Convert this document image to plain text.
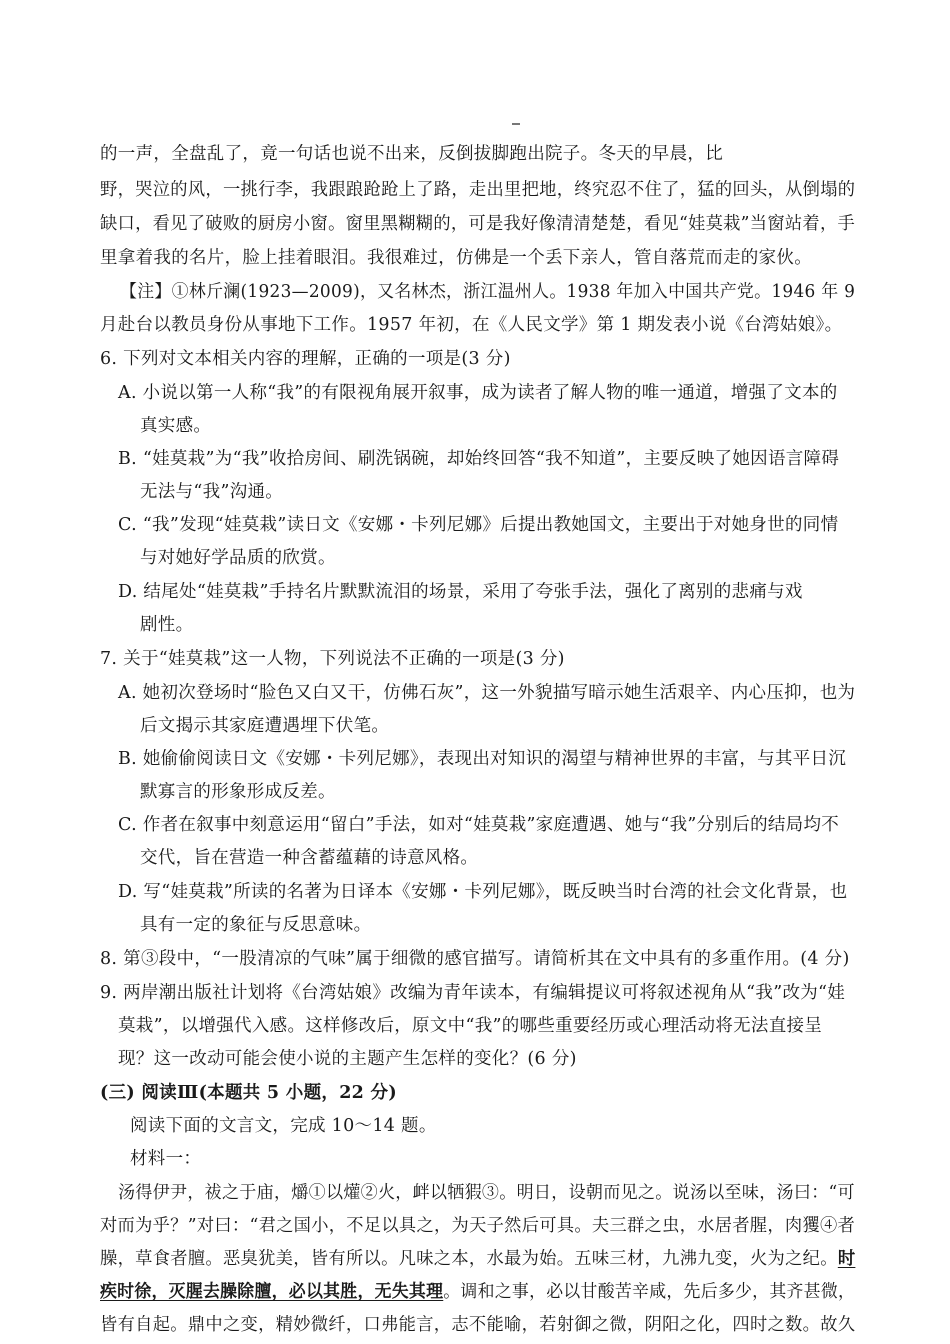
的一声，全盘乱了，竟一句话也说不出来，反倒拔脚跑出院子。冬天的早晨，比
野，哭泣的风，一挑行李，我跟踉跄跄上了路，走出里把地，终究忍不住了，猛的回头，从倒塌的
缺口，看见了破败的厨房小窗。窗里黑糊糊的，可是我好像清清楚楚，看见“娃莫栽”当窗站着，手
里拿着我的名片，脸上挂着眼泪。我很难过，仿佛是一个丢下亲人，管自落荒而走的家伙。
【注】①林斤澜(1923—2009)，又名林杰，浙江温州人。1938 年加入中国共产党。1946 年 9
月赴台以教员身份从事地下工作。1957 年初，在《人民文学》第 1 期发表小说《台湾姑娘》。
6. 下列对文本相关内容的理解，正确的一项是(3 分)
A. 小说以第一人称“我”的有限视角展开叙事，成为读者了解人物的唯一通道，增强了文本的
真实感。
B. “娃莫栽”为“我”收拾房间、刷洗锅碗，却始终回答“我不知道”，主要反映了她因语言障碍
无法与“我”沟通。
C. “我”发现“娃莫栽”读日文《安娜・卡列尼娜》后提出教她国文，主要出于对她身世的同情
与对她好学品质的欣赏。
D. 结尾处“娃莫栽”手持名片默默流泪的场景，采用了夸张手法，强化了离别的悲痛与戏
剧性。
7. 关于“娃莫栽”这一人物，下列说法不正确的一项是(3 分)
A. 她初次登场时“脸色又白又干，仿佛石灰”，这一外貌描写暗示她生活艰辛、内心压抑，也为
后文揭示其家庭遭遇埋下伏笔。
B. 她偷偷阅读日文《安娜・卡列尼娜》，表现出对知识的渴望与精神世界的丰富，与其平日沉
默寡言的形象形成反差。
C. 作者在叙事中刻意运用“留白”手法，如对“娃莫栽”家庭遭遇、她与“我”分别后的结局均不
交代，旨在营造一种含蓄蕴藉的诗意风格。
D. 写“娃莫栽”所读的名著为日译本《安娜・卡列尼娜》，既反映当时台湾的社会文化背景，也
具有一定的象征与反思意味。
8. 第③段中，“一股清凉的气味”属于细微的感官描写。请简析其在文中具有的多重作用。(4 分)
9. 两岸潮出版社计划将《台湾姑娘》改编为青年读本，有编辑提议可将叙述视角从“我”改为“娃
莫栽”，以增强代入感。这样修改后，原文中“我”的哪些重要经历或心理活动将无法直接呈
现？这一改动可能会使小说的主题产生怎样的变化？(6 分)
(三) 阅读Ⅲ(本题共 5 小题，22 分)
阅读下面的文言文，完成 10～14 题。
材料一：
汤得伊尹，祓之于庙，爝①以爟②火，衅以牺猳③。明日，设朝而见之。说汤以至味，汤曰：“可
对而为乎？”对曰：“君之国小，不足以具之，为天子然后可具。夫三群之虫，水居者腥，肉玃④者
臊，草食者膻。恶臭犹美，皆有所以。凡味之本，水最为始。五味三材，九沸九变，火为之纪。时
疾时徐，灭腥去臊除膻，必以其胜，无失其理。调和之事，必以甘酸苦辛咸，先后多少，其齐甚微，
皆有自起。鼎中之变，精妙微纤，口弗能言，志不能喻，若射御之微，阴阳之化，四时之数。故久
